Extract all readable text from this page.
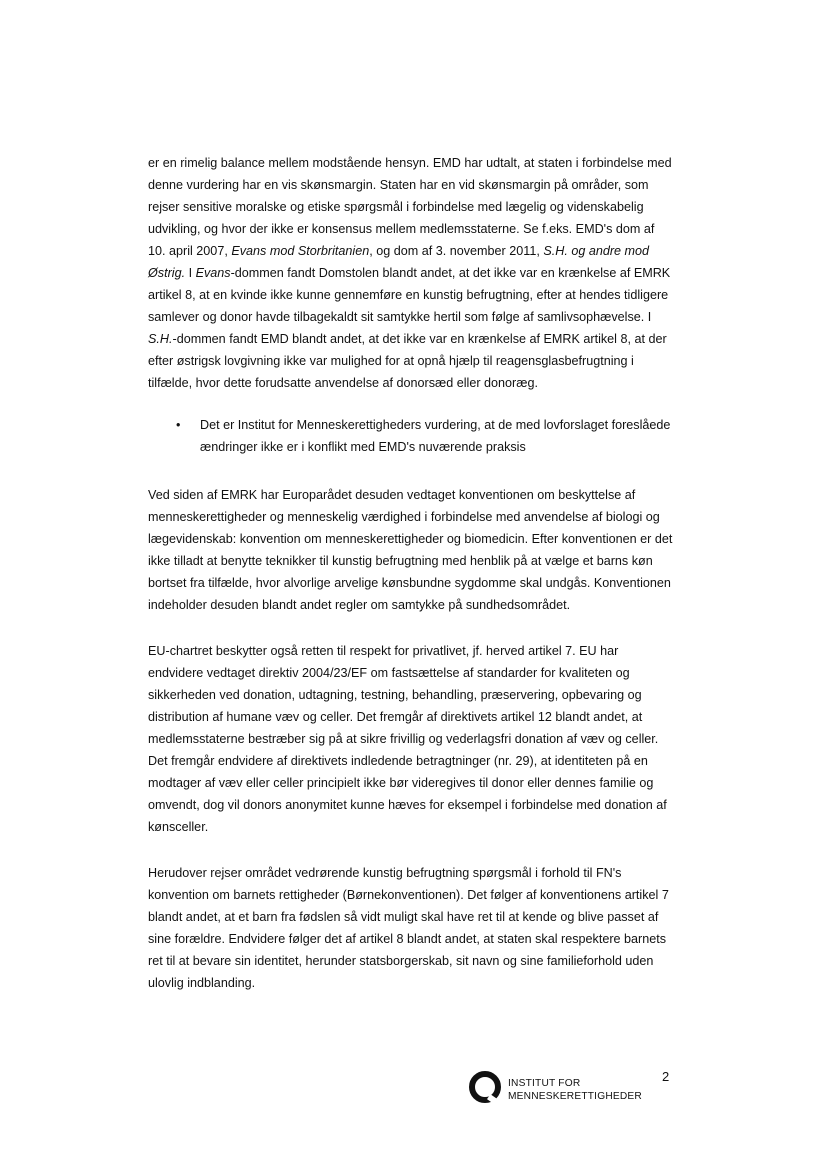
er en rimelig balance mellem modstående hensyn. EMD har udtalt, at staten i forbindelse med denne vurdering har en vis skønsmargin. Staten har en vid skønsmargin på områder, som rejser sensitive moralske og etiske spørgsmål i forbindelse med lægelig og videnskabelig udvikling, og hvor der ikke er konsensus mellem medlemsstaterne. Se f.eks. EMD's dom af 10. april 2007, Evans mod Storbritanien, og dom af 3. november 2011, S.H. og andre mod Østrig. I Evans-dommen fandt Domstolen blandt andet, at det ikke var en krænkelse af EMRK artikel 8, at en kvinde ikke kunne gennemføre en kunstig befrugtning, efter at hendes tidligere samlever og donor havde tilbagekaldt sit samtykke hertil som følge af samlivsophævelse. I S.H.-dommen fandt EMD blandt andet, at det ikke var en krænkelse af EMRK artikel 8, at der efter østrigsk lovgivning ikke var mulighed for at opnå hjælp til reagensglasbefrugtning i tilfælde, hvor dette forudsatte anvendelse af donorsæd eller donoræg.

• Det er Institut for Menneskerettigheders vurdering, at de med lovforslaget foreslåede ændringer ikke er i konflikt med EMD's nuværende praksis

Ved siden af EMRK har Europarådet desuden vedtaget konventionen om beskyttelse af menneskerettigheder og menneskelig værdighed i forbindelse med anvendelse af biologi og lægevidenskab: konvention om menneskerettigheder og biomedicin. Efter konventionen er det ikke tilladt at benytte teknikker til kunstig befrugtning med henblik på at vælge et barns køn bortset fra tilfælde, hvor alvorlige arvelige kønsbundne sygdomme skal undgås. Konventionen indeholder desuden blandt andet regler om samtykke på sundhedsområdet.

EU-chartret beskytter også retten til respekt for privatlivet, jf. herved artikel 7. EU har endvidere vedtaget direktiv 2004/23/EF om fastsættelse af standarder for kvaliteten og sikkerheden ved donation, udtagning, testning, behandling, præservering, opbevaring og distribution af humane væv og celler. Det fremgår af direktivets artikel 12 blandt andet, at medlemsstaterne bestræber sig på at sikre frivillig og vederlagsfri donation af væv og celler. Det fremgår endvidere af direktivets indledende betragtninger (nr. 29), at identiteten på en modtager af væv eller celler principielt ikke bør videregives til donor eller dennes familie og omvendt, dog vil donors anonymitet kunne hæves for eksempel i forbindelse med donation af kønsceller.

Herudover rejser området vedrørende kunstig befrugtning spørgsmål i forhold til FN's konvention om barnets rettigheder (Børnekonventionen). Det følger af konventionens artikel 7 blandt andet, at et barn fra fødslen så vidt muligt skal have ret til at kende og blive passet af sine forældre. Endvidere følger det af artikel 8 blandt andet, at staten skal respektere barnets ret til at bevare sin identitet, herunder statsborgerskab, sit navn og sine familieforhold uden ulovlig indblanding.

INSTITUT FOR
MENNESKERETTIGHEDER
2
